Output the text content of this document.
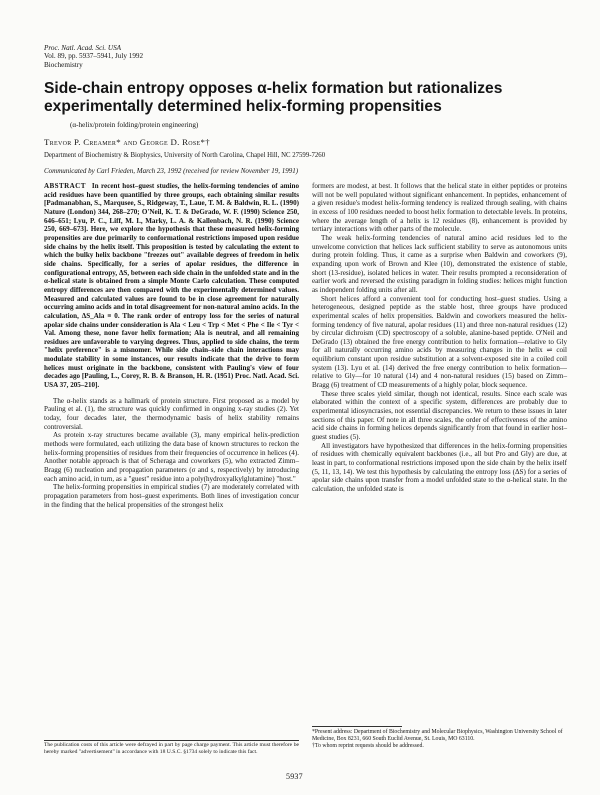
Proc. Natl. Acad. Sci. USA
Vol. 89, pp. 5937–5941, July 1992
Biochemistry
Side-chain entropy opposes α-helix formation but rationalizes experimentally determined helix-forming propensities
(α-helix/protein folding/protein engineering)
Trevor P. Creamer* and George D. Rose*†
Department of Biochemistry & Biophysics, University of North Carolina, Chapel Hill, NC 27599-7260
Communicated by Carl Frieden, March 23, 1992 (received for review November 19, 1991)

ABSTRACT In recent host–guest studies, the helix-forming tendencies of amino acid residues have been quantified by three groups, each obtaining similar results [Padmanabhan, S., Marqusee, S., Ridgeway, T., Laue, T. M. & Baldwin, R. L. (1990) Nature (London) 344, 268–270; O'Neil, K. T. & DeGrado, W. F. (1990) Science 250, 646–651; Lyu, P. C., Liff, M. I., Marky, L. A. & Kallenbach, N. R. (1990) Science 250, 669–673]. Here, we explore the hypothesis that these measured helix-forming propensities are due primarily to conformational restrictions imposed upon residue side chains by the helix itself. This proposition is tested by calculating the extent to which the bulky helix backbone "freezes out" available degrees of freedom in helix side chains. Specifically, for a series of apolar residues, the difference in configurational entropy, ΔS, between each side chain in the unfolded state and in the α-helical state is obtained from a simple Monte Carlo calculation. These computed entropy differences are then compared with the experimentally determined values. Measured and calculated values are found to be in close agreement for naturally occurring amino acids and in total disagreement for non-natural amino acids. In the calculation, ΔS_Ala ≡ 0. The rank order of entropy loss for the series of natural apolar side chains under consideration is Ala < Leu < Trp < Met < Phe < Ile < Tyr < Val. Among these, none favor helix formation; Ala is neutral, and all remaining residues are unfavorable to varying degrees. Thus, applied to side chains, the term "helix preference" is a misnomer. While side chain–side chain interactions may modulate stability in some instances, our results indicate that the drive to form helices must originate in the backbone, consistent with Pauling's view of four decades ago [Pauling, L., Corey, R. B. & Branson, H. R. (1951) Proc. Natl. Acad. Sci. USA 37, 205–210].

The α-helix stands as a hallmark of protein structure. First proposed as a model by Pauling et al. (1), the structure was quickly confirmed in ongoing x-ray studies (2). Yet today, four decades later, the thermodynamic basis of helix stability remains controversial.

As protein x-ray structures became available (3), many empirical helix-prediction methods were formulated, each utilizing the data base of known structures to reckon the helix-forming propensities of residues from their frequencies of occurrence in helices (4). Another notable approach is that of Scheraga and coworkers (5), who extracted Zimm–Bragg (6) nucleation and propagation parameters (σ and s, respectively) by introducing each amino acid, in turn, as a "guest" residue into a poly(hydroxyalkylglutamine) "host."

The helix-forming propensities in empirical studies (7) are moderately correlated with propagation parameters from host–guest experiments. Both lines of investigation concur in the finding that the helical propensities of the strongest helix

formers are modest, at best. It follows that the helical state in either peptides or proteins will not be well populated without significant enhancement. In peptides, enhancement of a given residue's modest helix-forming tendency is realized through sealing, with chains in excess of 100 residues needed to boost helix formation to detectable levels. In proteins, where the average length of a helix is 12 residues (8), enhancement is provided by tertiary interactions with other parts of the molecule.

The weak helix-forming tendencies of natural amino acid residues led to the unwelcome conviction that helices lack sufficient stability to serve as autonomous units during protein folding. Thus, it came as a surprise when Baldwin and coworkers (9), expanding upon work of Brown and Klee (10), demonstrated the existence of stable, short (13-residue), isolated helices in water. Their results prompted a reconsideration of earlier work and reversed the existing paradigm in folding studies: helices might function as independent folding units after all.

Short helices afford a convenient tool for conducting host–guest studies. Using a heterogeneous, designed peptide as the stable host, three groups have produced experimental scales of helix propensities. Baldwin and coworkers measured the helix-forming tendency of five natural, apolar residues (11) and three non-natural residues (12) by circular dichroism (CD) spectroscopy of a soluble, alanine-based peptide. O'Neil and DeGrado (13) obtained the free energy contribution to helix formation—relative to Gly for all naturally occurring amino acids by measuring changes in the helix ⇌ coil equilibrium constant upon residue substitution at a solvent-exposed site in a coiled coil system (13). Lyu et al. (14) derived the free energy contribution to helix formation—relative to Gly—for 10 natural (14) and 4 non-natural residues (15) based on Zimm–Bragg (6) treatment of CD measurements of a highly polar, block sequence.

These three scales yield similar, though not identical, results. Since each scale was elaborated within the context of a specific system, differences are probably due to experimental idiosyncrasies, not essential discrepancies. We return to these issues in later sections of this paper. Of note in all three scales, the order of effectiveness of the amino acid side chains in forming helices depends significantly from that found in earlier host–guest studies (5).

All investigators have hypothesized that differences in the helix-forming propensities of residues with chemically equivalent backbones (i.e., all but Pro and Gly) are due, at least in part, to conformational restrictions imposed upon the side chain by the helix itself (5, 11, 13, 14). We test this hypothesis by calculating the entropy loss (ΔS) for a series of apolar side chains upon transfer from a model unfolded state to the α-helical state. In the calculation, the unfolded state is

The publication costs of this article were defrayed in part by page charge payment. This article must therefore be hereby marked "advertisement" in accordance with 18 U.S.C. §1734 solely to indicate this fact.
*Present address: Department of Biochemistry and Molecular Biophysics, Washington University School of Medicine, Box 8231, 660 South Euclid Avenue, St. Louis, MO 63110.
†To whom reprint requests should be addressed.
5937
